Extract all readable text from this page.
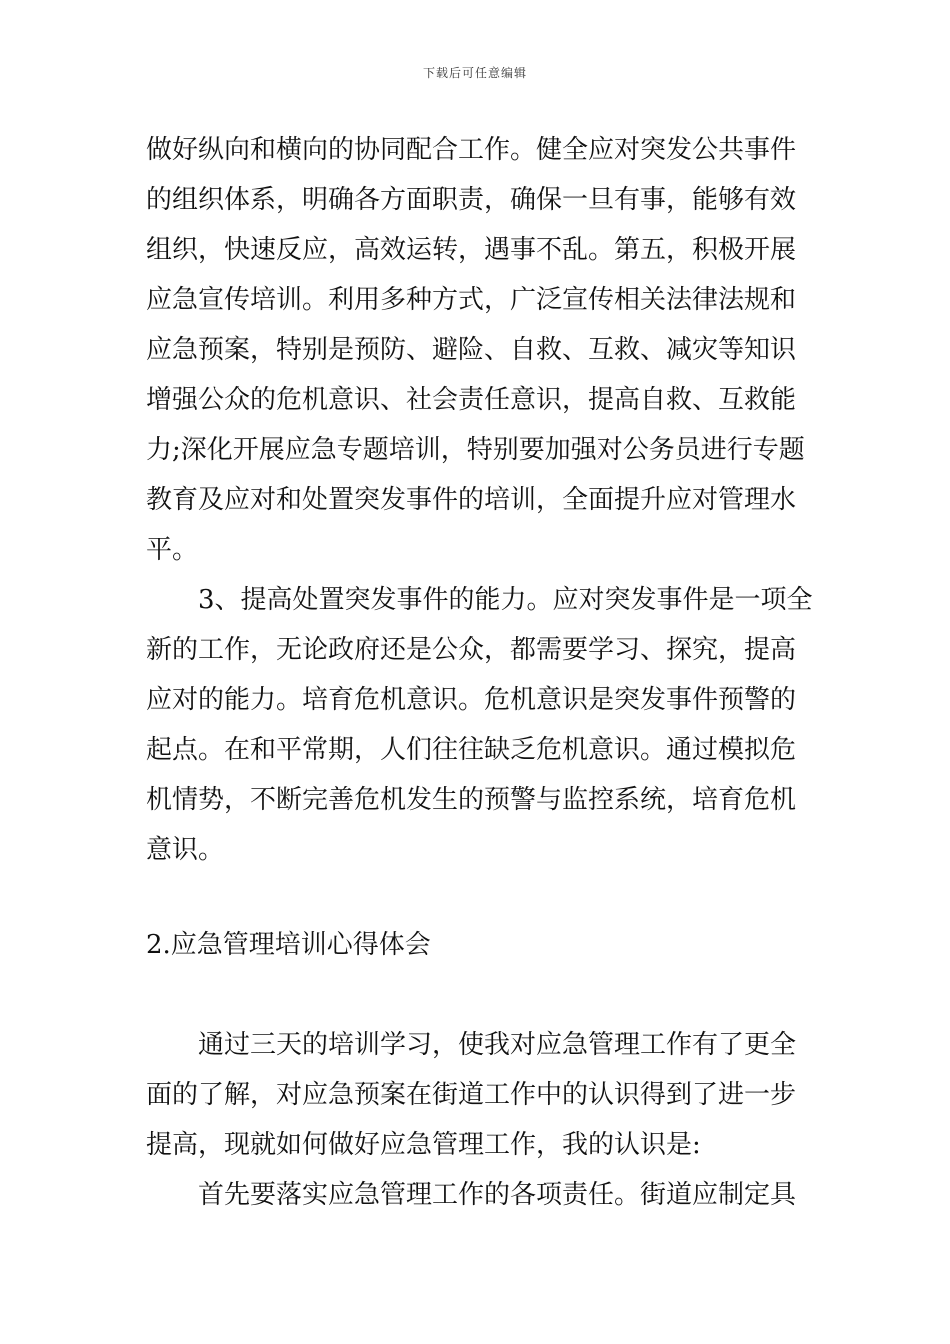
下载后可任意编辑
做好纵向和横向的协同配合工作。健全应对突发公共事件
的组织体系，明确各方面职责，确保一旦有事，能够有效
组织，快速反应，高效运转，遇事不乱。第五，积极开展
应急宣传培训。利用多种方式，广泛宣传相关法律法规和
应急预案，特别是预防、避险、自救、互救、减灾等知识
增强公众的危机意识、社会责任意识，提高自救、互救能
力;深化开展应急专题培训，特别要加强对公务员进行专题
教育及应对和处置突发事件的培训，全面提升应对管理水
平。
3、提高处置突发事件的能力。应对突发事件是一项全
新的工作，无论政府还是公众，都需要学习、探究，提高
应对的能力。培育危机意识。危机意识是突发事件预警的
起点。在和平常期，人们往往缺乏危机意识。通过模拟危
机情势，不断完善危机发生的预警与监控系统，培育危机
意识。
2.应急管理培训心得体会
通过三天的培训学习，使我对应急管理工作有了更全
面的了解，对应急预案在街道工作中的认识得到了进一步
提高，现就如何做好应急管理工作，我的认识是:
首先要落实应急管理工作的各项责任。街道应制定具
